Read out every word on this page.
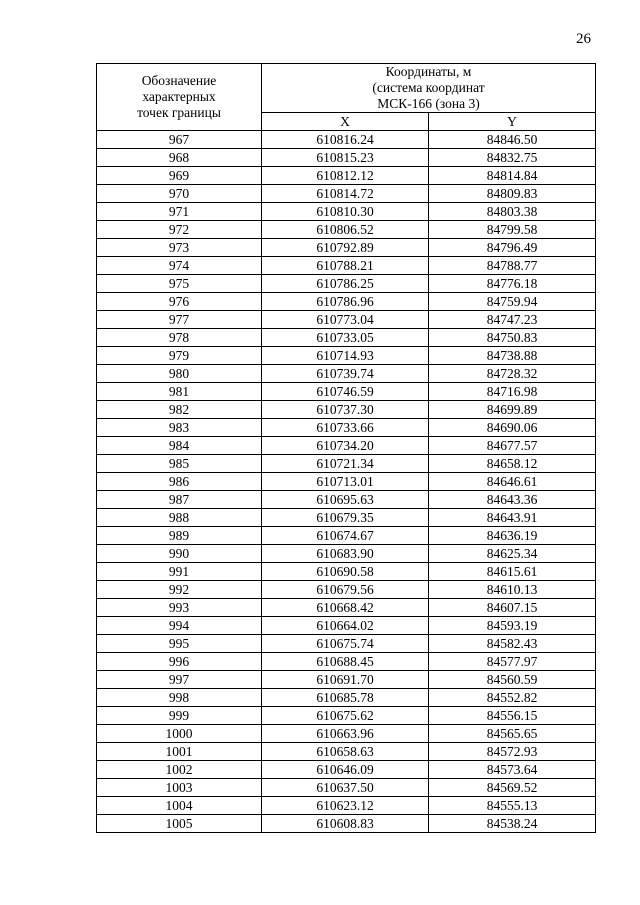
26
Обозначение
характерных
точек границы	Координаты, м
(система координат
МСК-166 (зона 3)	

	X	Y
967	610816.24	84846.50
968	610815.23	84832.75
969	610812.12	84814.84
970	610814.72	84809.83
971	610810.30	84803.38
972	610806.52	84799.58
973	610792.89	84796.49
974	610788.21	84788.77
975	610786.25	84776.18
976	610786.96	84759.94
977	610773.04	84747.23
978	610733.05	84750.83
979	610714.93	84738.88
980	610739.74	84728.32
981	610746.59	84716.98
982	610737.30	84699.89
983	610733.66	84690.06
984	610734.20	84677.57
985	610721.34	84658.12
986	610713.01	84646.61
987	610695.63	84643.36
988	610679.35	84643.91
989	610674.67	84636.19
990	610683.90	84625.34
991	610690.58	84615.61
992	610679.56	84610.13
993	610668.42	84607.15
994	610664.02	84593.19
995	610675.74	84582.43
996	610688.45	84577.97
997	610691.70	84560.59
998	610685.78	84552.82
999	610675.62	84556.15
1000	610663.96	84565.65
1001	610658.63	84572.93
1002	610646.09	84573.64
1003	610637.50	84569.52
1004	610623.12	84555.13
1005	610608.83	84538.24
